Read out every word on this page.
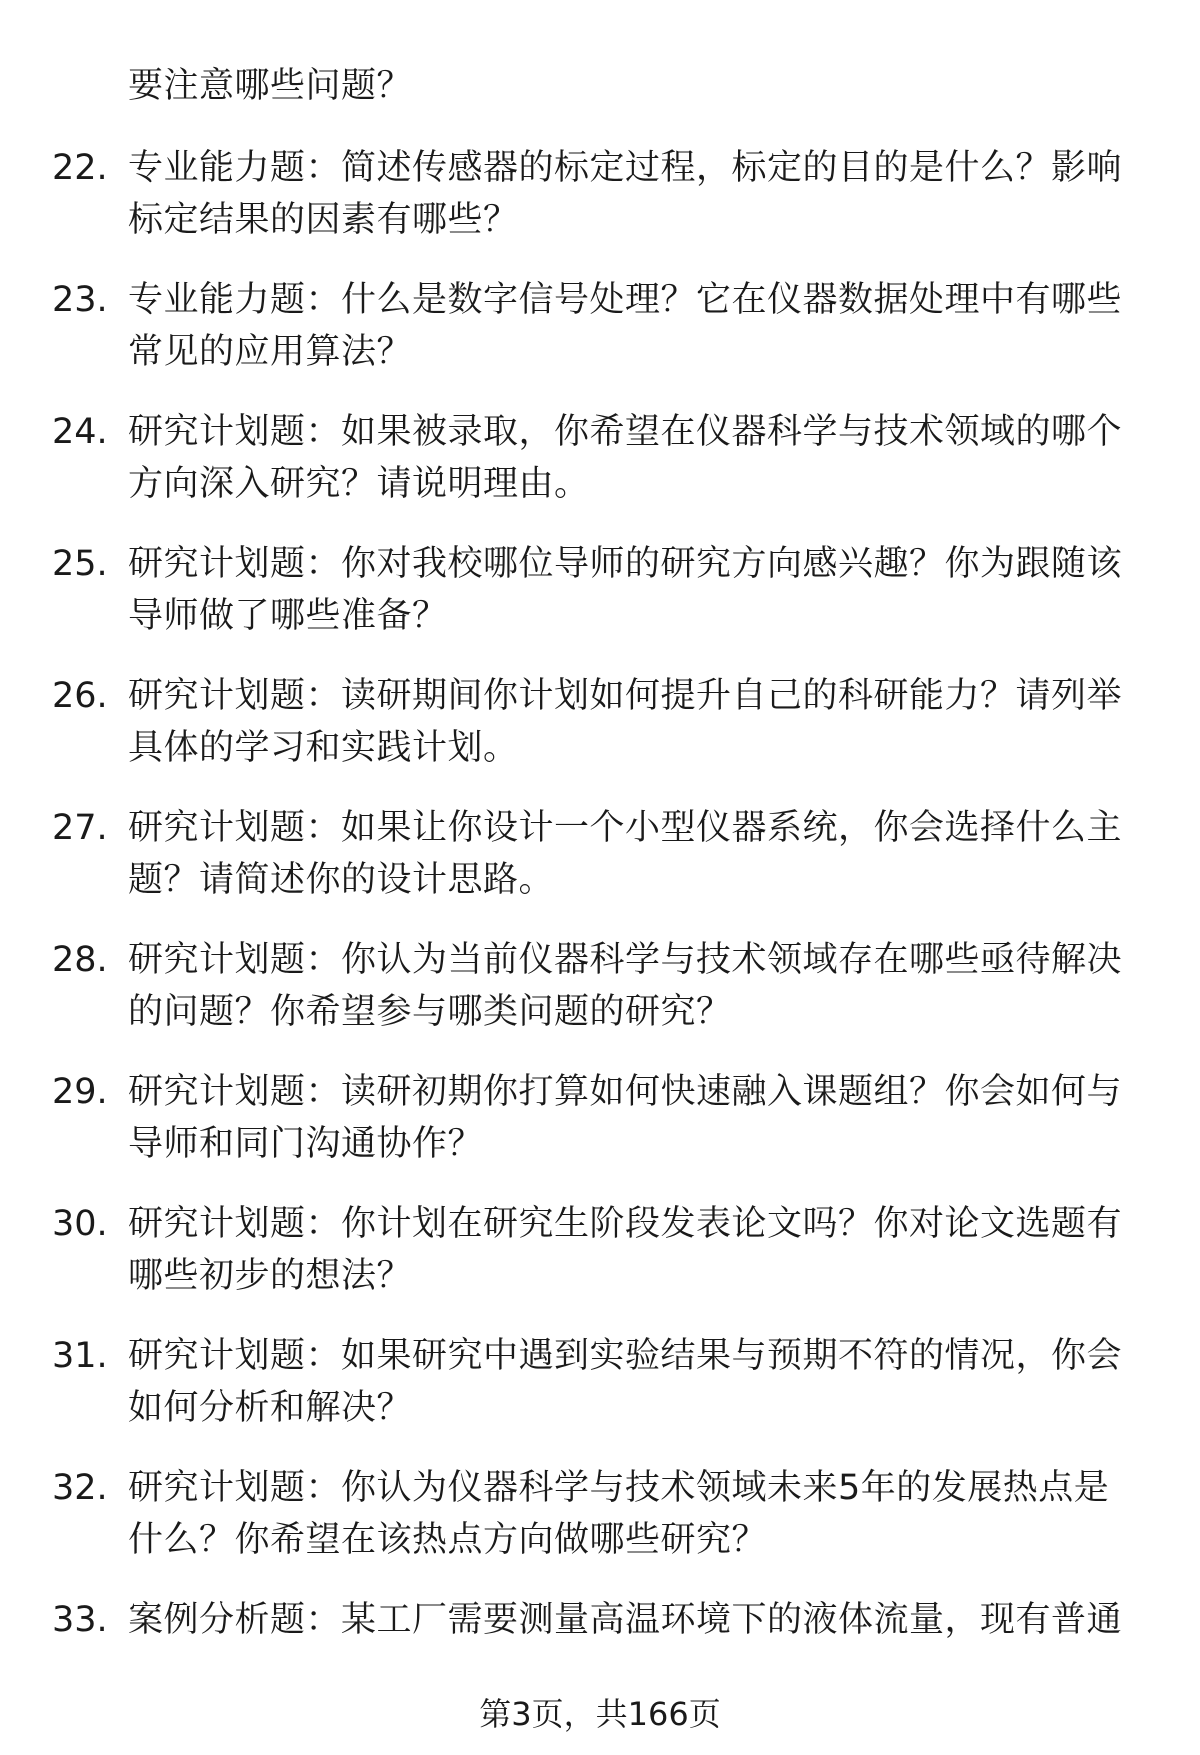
要注意哪些问题？
22. 专业能力题：简述传感器的标定过程，标定的目的是什么？影响标定结果的因素有哪些？
23. 专业能力题：什么是数字信号处理？它在仪器数据处理中有哪些常见的应用算法？
24. 研究计划题：如果被录取，你希望在仪器科学与技术领域的哪个方向深入研究？请说明理由。
25. 研究计划题：你对我校哪位导师的研究方向感兴趣？你为跟随该导师做了哪些准备？
26. 研究计划题：读研期间你计划如何提升自己的科研能力？请列举具体的学习和实践计划。
27. 研究计划题：如果让你设计一个小型仪器系统，你会选择什么主题？请简述你的设计思路。
28. 研究计划题：你认为当前仪器科学与技术领域存在哪些亟待解决的问题？你希望参与哪类问题的研究？
29. 研究计划题：读研初期你打算如何快速融入课题组？你会如何与导师和同门沟通协作？
30. 研究计划题：你计划在研究生阶段发表论文吗？你对论文选题有哪些初步的想法？
31. 研究计划题：如果研究中遇到实验结果与预期不符的情况，你会如何分析和解决？
32. 研究计划题：你认为仪器科学与技术领域未来5年的发展热点是什么？你希望在该热点方向做哪些研究？
33. 案例分析题：某工厂需要测量高温环境下的液体流量，现有普通
第3页，共166页
